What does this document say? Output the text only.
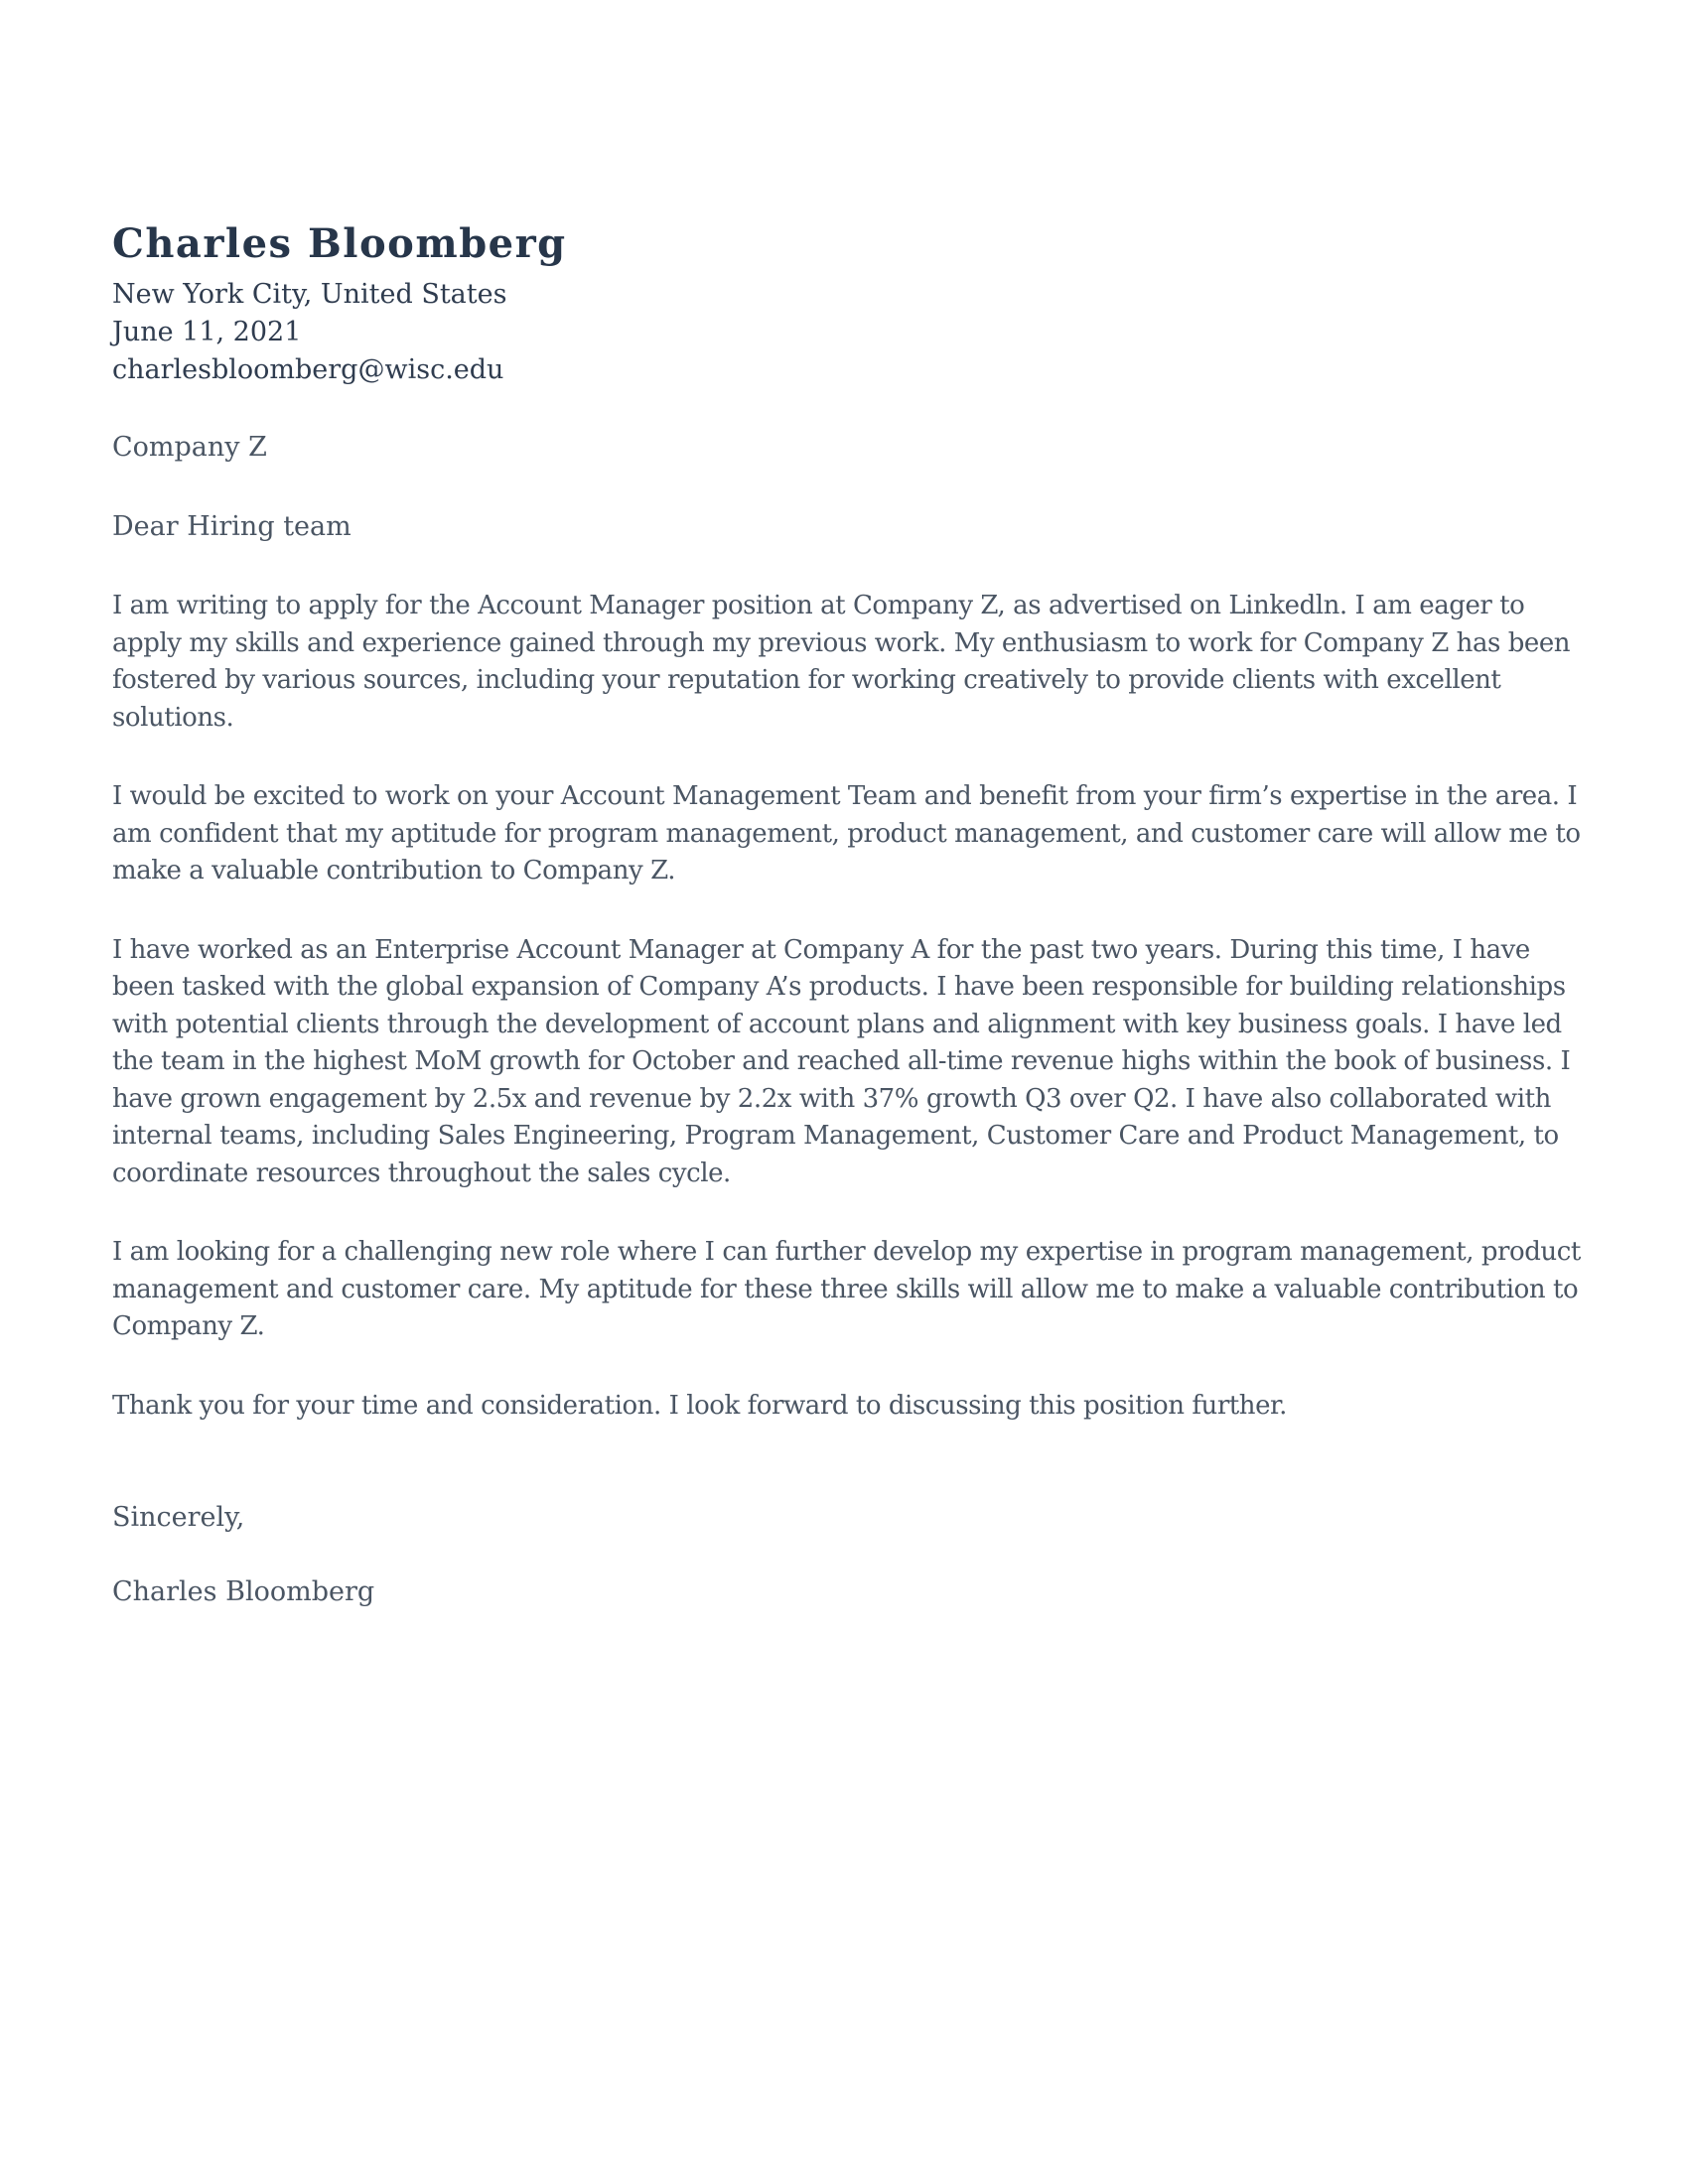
Charles Bloomberg
New York City, United States
June 11, 2021
charlesbloomberg@wisc.edu
Company Z
Dear Hiring team
I am writing to apply for the Account Manager position at Company Z, as advertised on Linkedln. I am eager to apply my skills and experience gained through my previous work. My enthusiasm to work for Company Z has been fostered by various sources, including your reputation for working creatively to provide clients with excellent solutions.
I would be excited to work on your Account Management Team and benefit from your firm’s expertise in the area. I am confident that my aptitude for program management, product management, and customer care will allow me to make a valuable contribution to Company Z.
I have worked as an Enterprise Account Manager at Company A for the past two years. During this time, I have been tasked with the global expansion of Company A’s products. I have been responsible for building relationships with potential clients through the development of account plans and alignment with key business goals. I have led the team in the highest MoM growth for October and reached all-time revenue highs within the book of business. I have grown engagement by 2.5x and revenue by 2.2x with 37% growth Q3 over Q2. I have also collaborated with internal teams, including Sales Engineering, Program Management, Customer Care and Product Management, to coordinate resources throughout the sales cycle.
I am looking for a challenging new role where I can further develop my expertise in program management, product management and customer care. My aptitude for these three skills will allow me to make a valuable contribution to Company Z.
Thank you for your time and consideration. I look forward to discussing this position further.
Sincerely,
Charles Bloomberg
